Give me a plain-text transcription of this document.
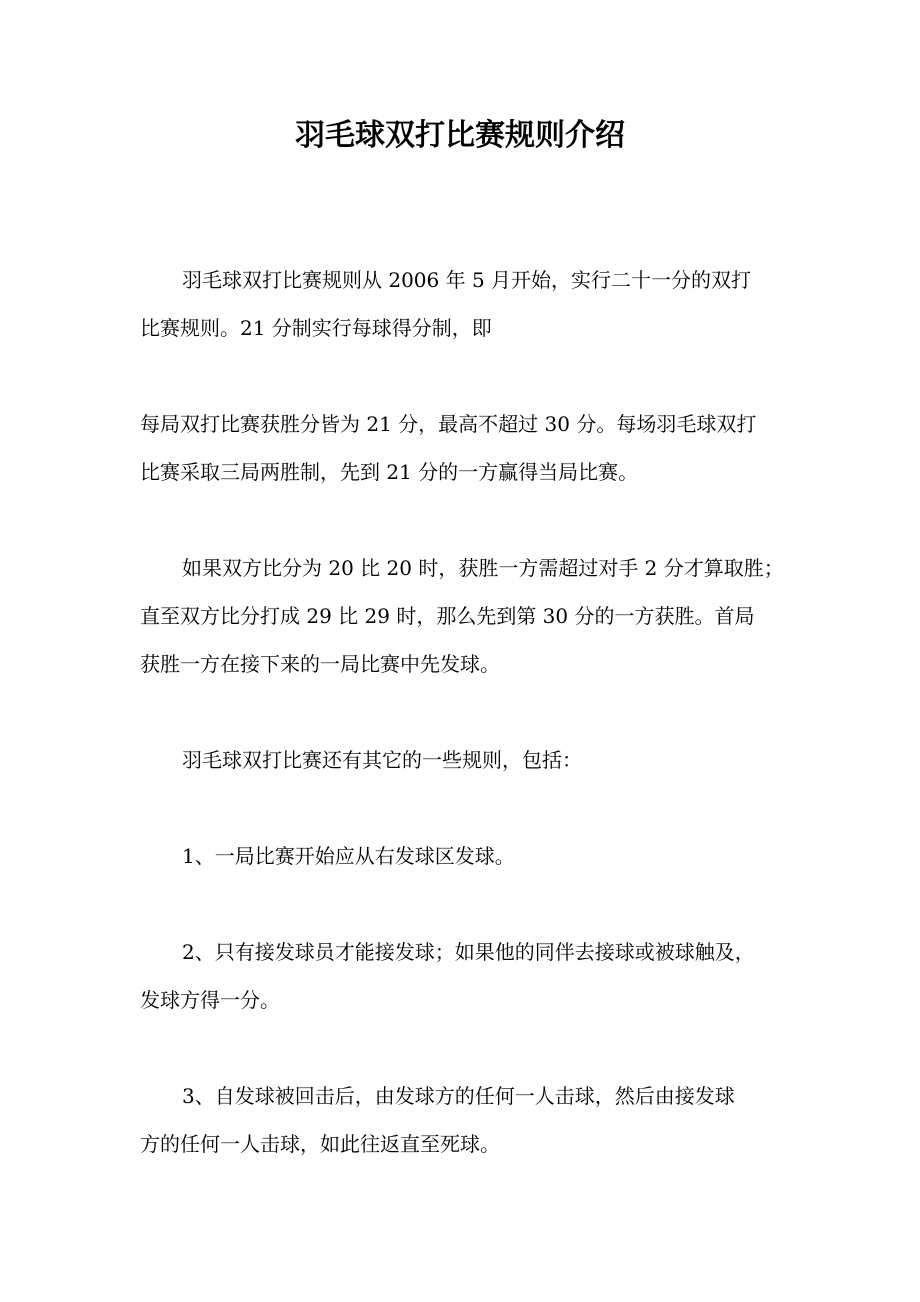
羽毛球双打比赛规则介绍
羽毛球双打比赛规则从 2006 年 5 月开始，实行二十一分的双打
比赛规则。21 分制实行每球得分制，即
每局双打比赛获胜分皆为 21 分，最高不超过 30 分。每场羽毛球双打
比赛采取三局两胜制，先到 21 分的一方赢得当局比赛。
如果双方比分为 20 比 20 时，获胜一方需超过对手 2 分才算取胜；
直至双方比分打成 29 比 29 时，那么先到第 30 分的一方获胜。首局
获胜一方在接下来的一局比赛中先发球。
羽毛球双打比赛还有其它的一些规则，包括：
1、一局比赛开始应从右发球区发球。
2、只有接发球员才能接发球；如果他的同伴去接球或被球触及，
发球方得一分。
3、自发球被回击后，由发球方的任何一人击球，然后由接发球
方的任何一人击球，如此往返直至死球。
